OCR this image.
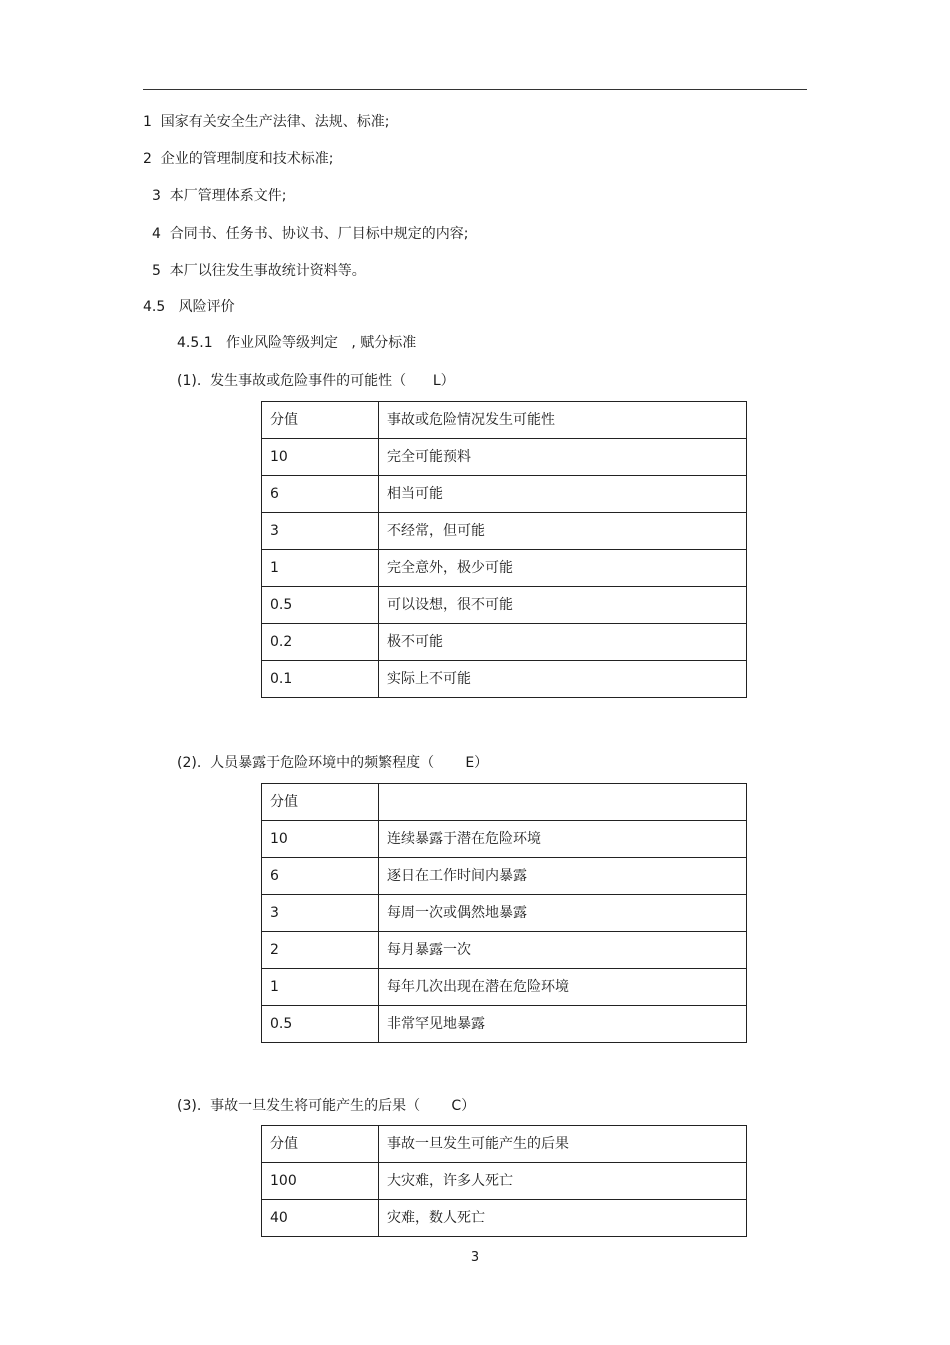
1  国家有关安全生产法律、法规、标准;
2  企业的管理制度和技术标准;
3  本厂管理体系文件;
4  合同书、任务书、协议书、厂目标中规定的内容;
5  本厂以往发生事故统计资料等。
4.5   风险评价
4.5.1   作业风险等级判定   , 赋分标准
(1).  发生事故或危险事件的可能性（      L）
分值	事故或危险情况发生可能性
10	完全可能预料
6	相当可能
3	不经常，但可能
1	完全意外，极少可能
0.5	可以设想，很不可能
0.2	极不可能
0.1	实际上不可能
(2).  人员暴露于危险环境中的频繁程度（       E）
分值	
10	连续暴露于潜在危险环境
6	逐日在工作时间内暴露
3	每周一次或偶然地暴露
2	每月暴露一次
1	每年几次出现在潜在危险环境
0.5	非常罕见地暴露
(3).  事故一旦发生将可能产生的后果（       C）
分值	事故一旦发生可能产生的后果
100	大灾难，许多人死亡
40	灾难，数人死亡
3
